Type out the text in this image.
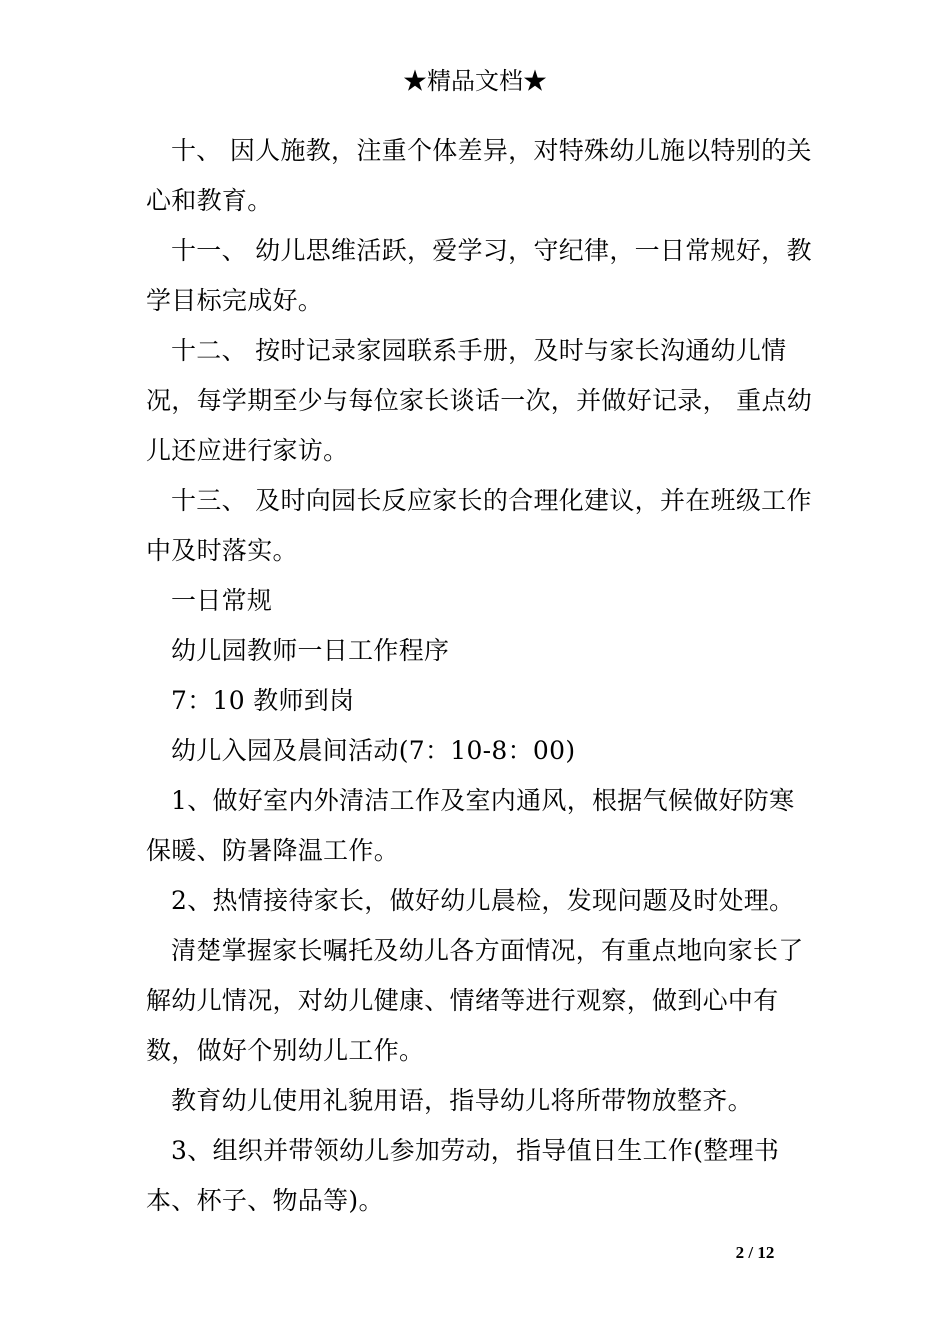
★精品文档★

十、 因人施教，注重个体差异，对特殊幼儿施以特别的关心和教育。

十一、 幼儿思维活跃，爱学习，守纪律，一日常规好，教学目标完成好。

十二、 按时记录家园联系手册，及时与家长沟通幼儿情况，每学期至少与每位家长谈话一次，并做好记录， 重点幼儿还应进行家访。

十三、 及时向园长反应家长的合理化建议，并在班级工作中及时落实。

一日常规

幼儿园教师一日工作程序

7：10 教师到岗

幼儿入园及晨间活动(7：10-8：00)

1、做好室内外清洁工作及室内通风，根据气候做好防寒保暖、防暑降温工作。

2、热情接待家长，做好幼儿晨检，发现问题及时处理。

清楚掌握家长嘱托及幼儿各方面情况，有重点地向家长了解幼儿情况，对幼儿健康、情绪等进行观察，做到心中有数，做好个别幼儿工作。

教育幼儿使用礼貌用语，指导幼儿将所带物放整齐。

3、组织并带领幼儿参加劳动，指导值日生工作(整理书本、杯子、物品等)。

2 / 12
